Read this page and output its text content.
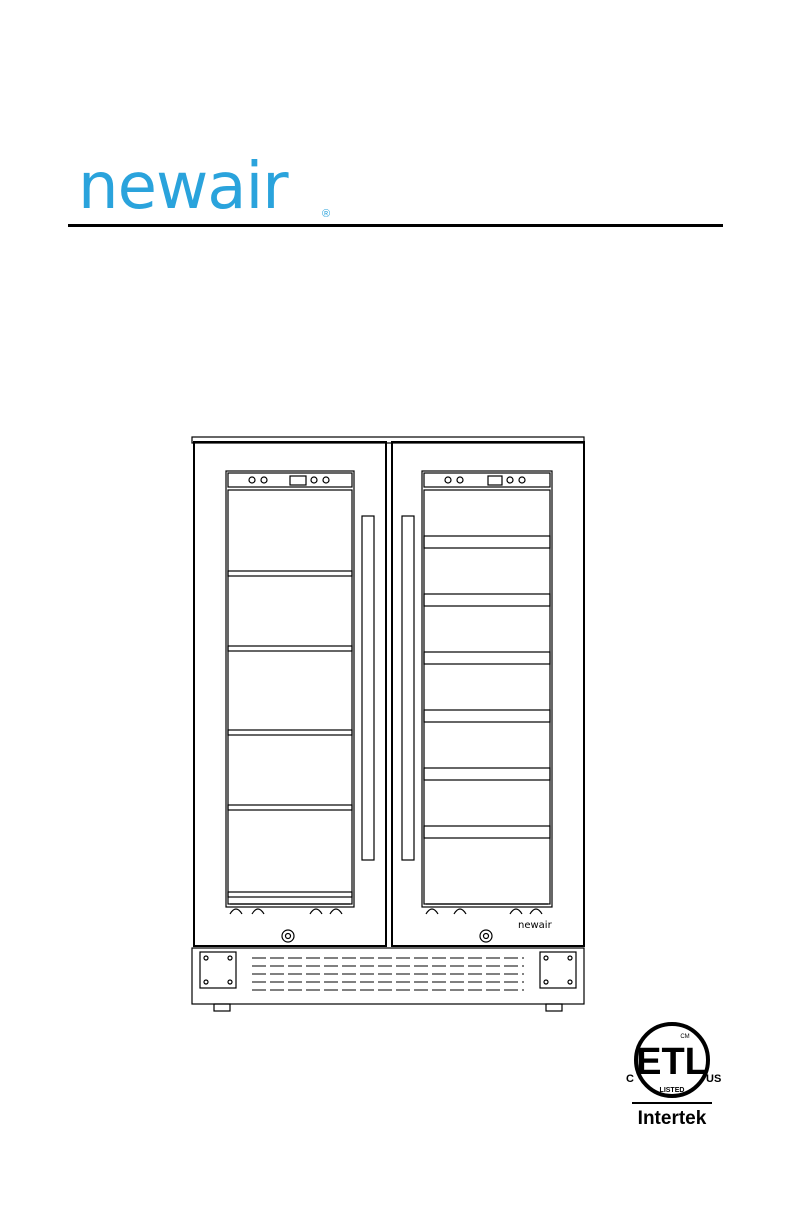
newair	®
newair
ETL
CM
LISTED
C	US
Intertek
